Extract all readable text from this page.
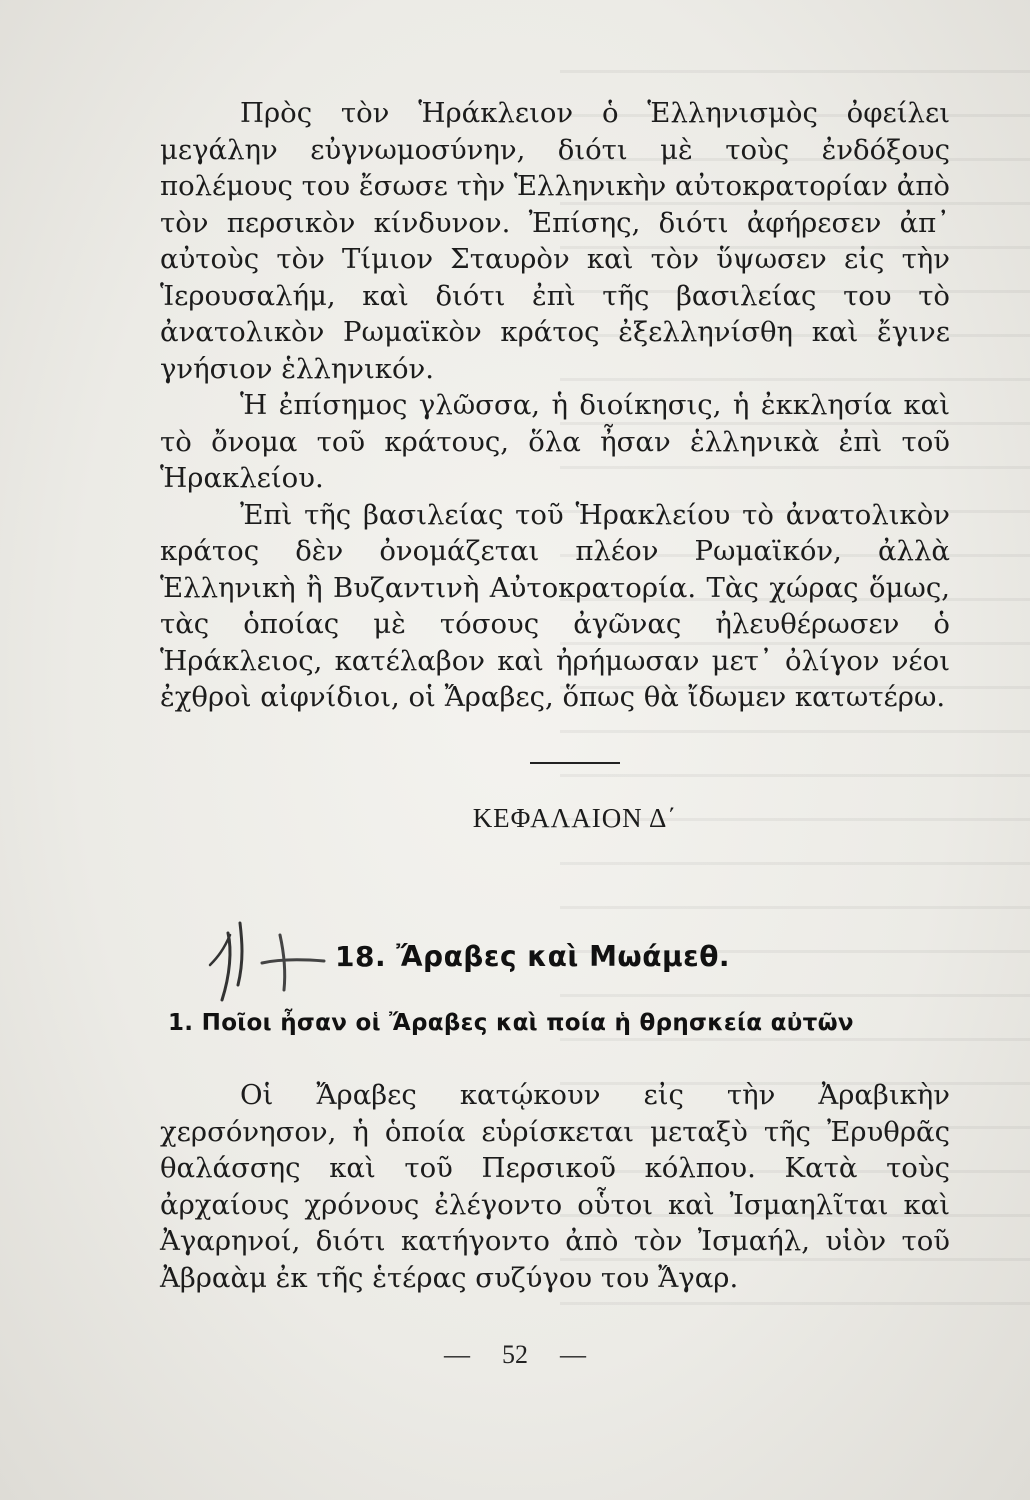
Πρὸς τὸν Ἡράκλειον ὁ Ἑλληνισμὸς ὀφείλει μεγάλην εὐγνωμοσύνην, διότι μὲ τοὺς ἐνδόξους πολέμους του ἔσωσε τὴν Ἑλληνικὴν αὐτοκρατορίαν ἀπὸ τὸν περσικὸν κίνδυνον. Ἐπίσης, διότι ἀφήρεσεν ἀπ᾽ αὐτοὺς τὸν Τίμιον Σταυρὸν καὶ τὸν ὕψωσεν εἰς τὴν Ἱερουσαλήμ, καὶ διότι ἐπὶ τῆς βασιλείας του τὸ ἀνατολικὸν Ρωμαϊκὸν κράτος ἐξελληνίσθη καὶ ἔγινε γνήσιον ἑλληνικόν.

Ἡ ἐπίσημος γλῶσσα, ἡ διοίκησις, ἡ ἐκκλησία καὶ τὸ ὄνομα τοῦ κράτους, ὅλα ἦσαν ἑλληνικὰ ἐπὶ τοῦ Ἡρακλείου.

Ἐπὶ τῆς βασιλείας τοῦ Ἡρακλείου τὸ ἀνατολικὸν κράτος δὲν ὀνομάζεται πλέον Ρωμαϊκόν, ἀλλὰ Ἑλληνικὴ ἢ Βυζαντινὴ Αὐτοκρατορία. Τὰς χώρας ὅμως, τὰς ὁποίας μὲ τόσους ἀγῶνας ἠλευθέρωσεν ὁ Ἡράκλειος, κατέλαβον καὶ ἠρήμωσαν μετ᾽ ὀλίγον νέοι ἐχθροὶ αἰφνίδιοι, οἱ Ἄραβες, ὅπως θὰ ἴδωμεν κατωτέρω.

ΚΕΦΑΛΑΙΟΝ Δ΄
18. Ἄραβες καὶ Μωάμεθ.
1. Ποῖοι ἦσαν οἱ Ἄραβες καὶ ποία ἡ θρησκεία αὐτῶν

Οἱ Ἄραβες κατῴκουν εἰς τὴν Ἀραβικὴν χερσόνησον, ἡ ὁποία εὑρίσκεται μεταξὺ τῆς Ἐρυθρᾶς θαλάσσης καὶ τοῦ Περσικοῦ κόλπου. Κατὰ τοὺς ἀρχαίους χρόνους ἐλέγοντο οὗτοι καὶ Ἰσμαηλῖται καὶ Ἀγαρηνοί, διότι κατήγοντο ἀπὸ τὸν Ἰσμαήλ, υἱὸν τοῦ Ἀβραὰμ ἐκ τῆς ἑτέρας συζύγου του Ἄγαρ.

— 52 —
